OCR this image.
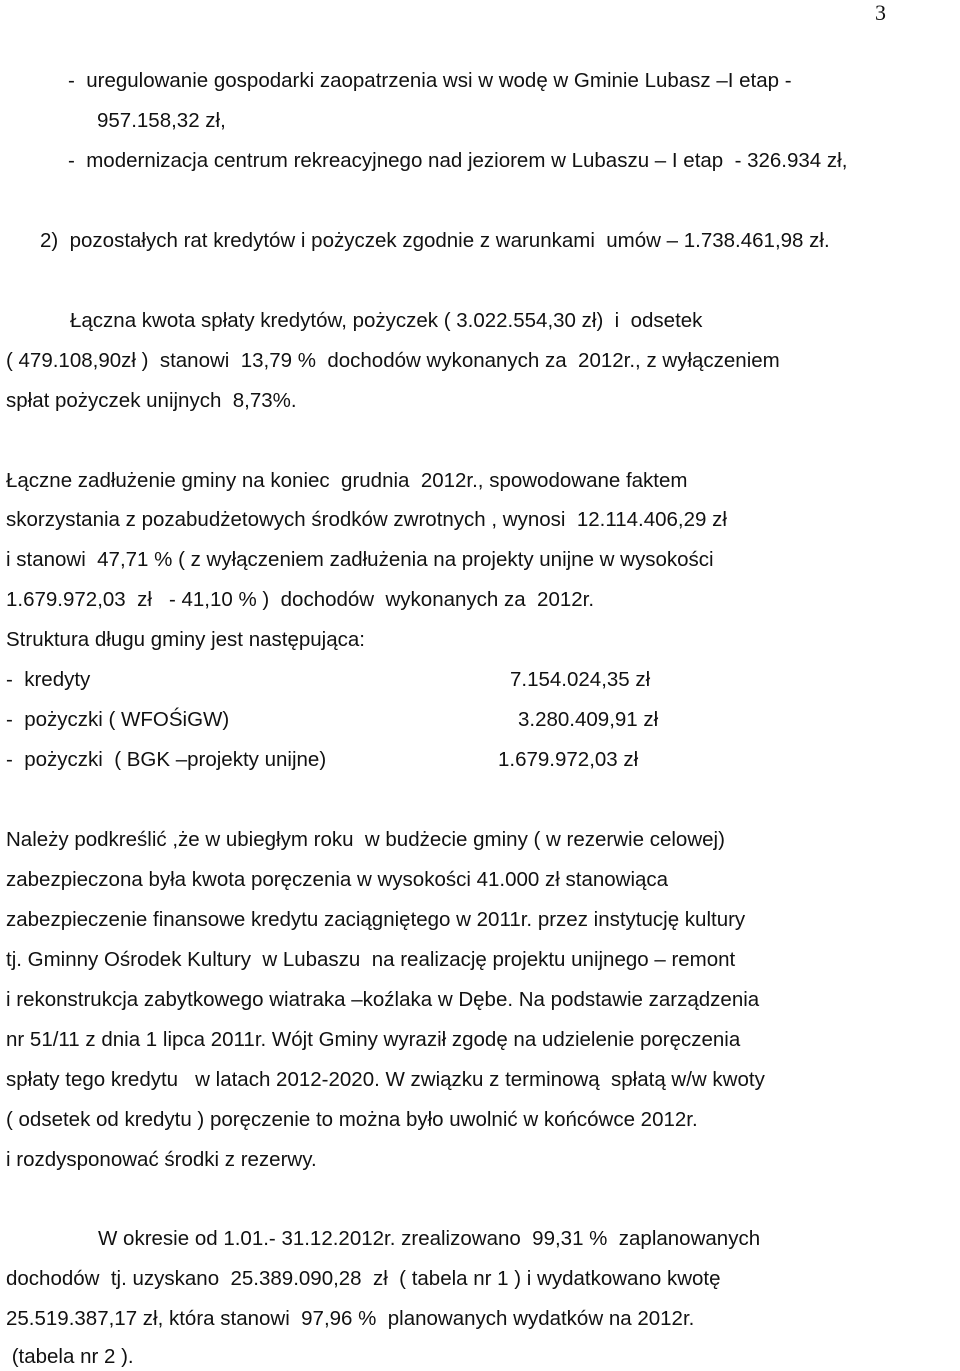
3
-  uregulowanie gospodarki zaopatrzenia wsi w wodę w Gminie Lubasz –I etap -
957.158,32 zł,
-  modernizacja centrum rekreacyjnego nad jeziorem w Lubaszu – I etap  - 326.934 zł,
2)  pozostałych rat kredytów i pożyczek zgodnie z warunkami  umów – 1.738.461,98 zł.
Łączna kwota spłaty kredytów, pożyczek ( 3.022.554,30 zł)  i  odsetek
( 479.108,90zł )  stanowi  13,79 %  dochodów wykonanych za  2012r., z wyłączeniem
spłat pożyczek unijnych  8,73%.
Łączne zadłużenie gminy na koniec  grudnia  2012r., spowodowane faktem
skorzystania z pozabudżetowych środków zwrotnych , wynosi  12.114.406,29 zł
i stanowi  47,71 % ( z wyłączeniem zadłużenia na projekty unijne w wysokości
1.679.972,03  zł   - 41,10 % )  dochodów  wykonanych za  2012r.
Struktura długu gminy jest następująca:
-  kredyty	7.154.024,35 zł
-  pożyczki ( WFOŚiGW)	3.280.409,91 zł
-  pożyczki  ( BGK –projekty unijne)	1.679.972,03 zł
Należy podkreślić ,że w ubiegłym roku  w budżecie gminy ( w rezerwie celowej)
zabezpieczona była kwota poręczenia w wysokości 41.000 zł stanowiąca
zabezpieczenie finansowe kredytu zaciągniętego w 2011r. przez instytucję kultury
tj. Gminny Ośrodek Kultury  w Lubaszu  na realizację projektu unijnego – remont
i rekonstrukcja zabytkowego wiatraka –koźlaka w Dębe. Na podstawie zarządzenia
nr 51/11 z dnia 1 lipca 2011r. Wójt Gminy wyraził zgodę na udzielenie poręczenia
spłaty tego kredytu   w latach 2012-2020. W związku z terminową  spłatą w/w kwoty
( odsetek od kredytu ) poręczenie to można było uwolnić w końcówce 2012r.
i rozdysponować środki z rezerwy.
W okresie od 1.01.- 31.12.2012r. zrealizowano  99,31 %  zaplanowanych
dochodów  tj. uzyskano  25.389.090,28  zł  ( tabela nr 1 ) i wydatkowano kwotę
25.519.387,17 zł, która stanowi  97,96 %  planowanych wydatków na 2012r.
(tabela nr 2 ).
